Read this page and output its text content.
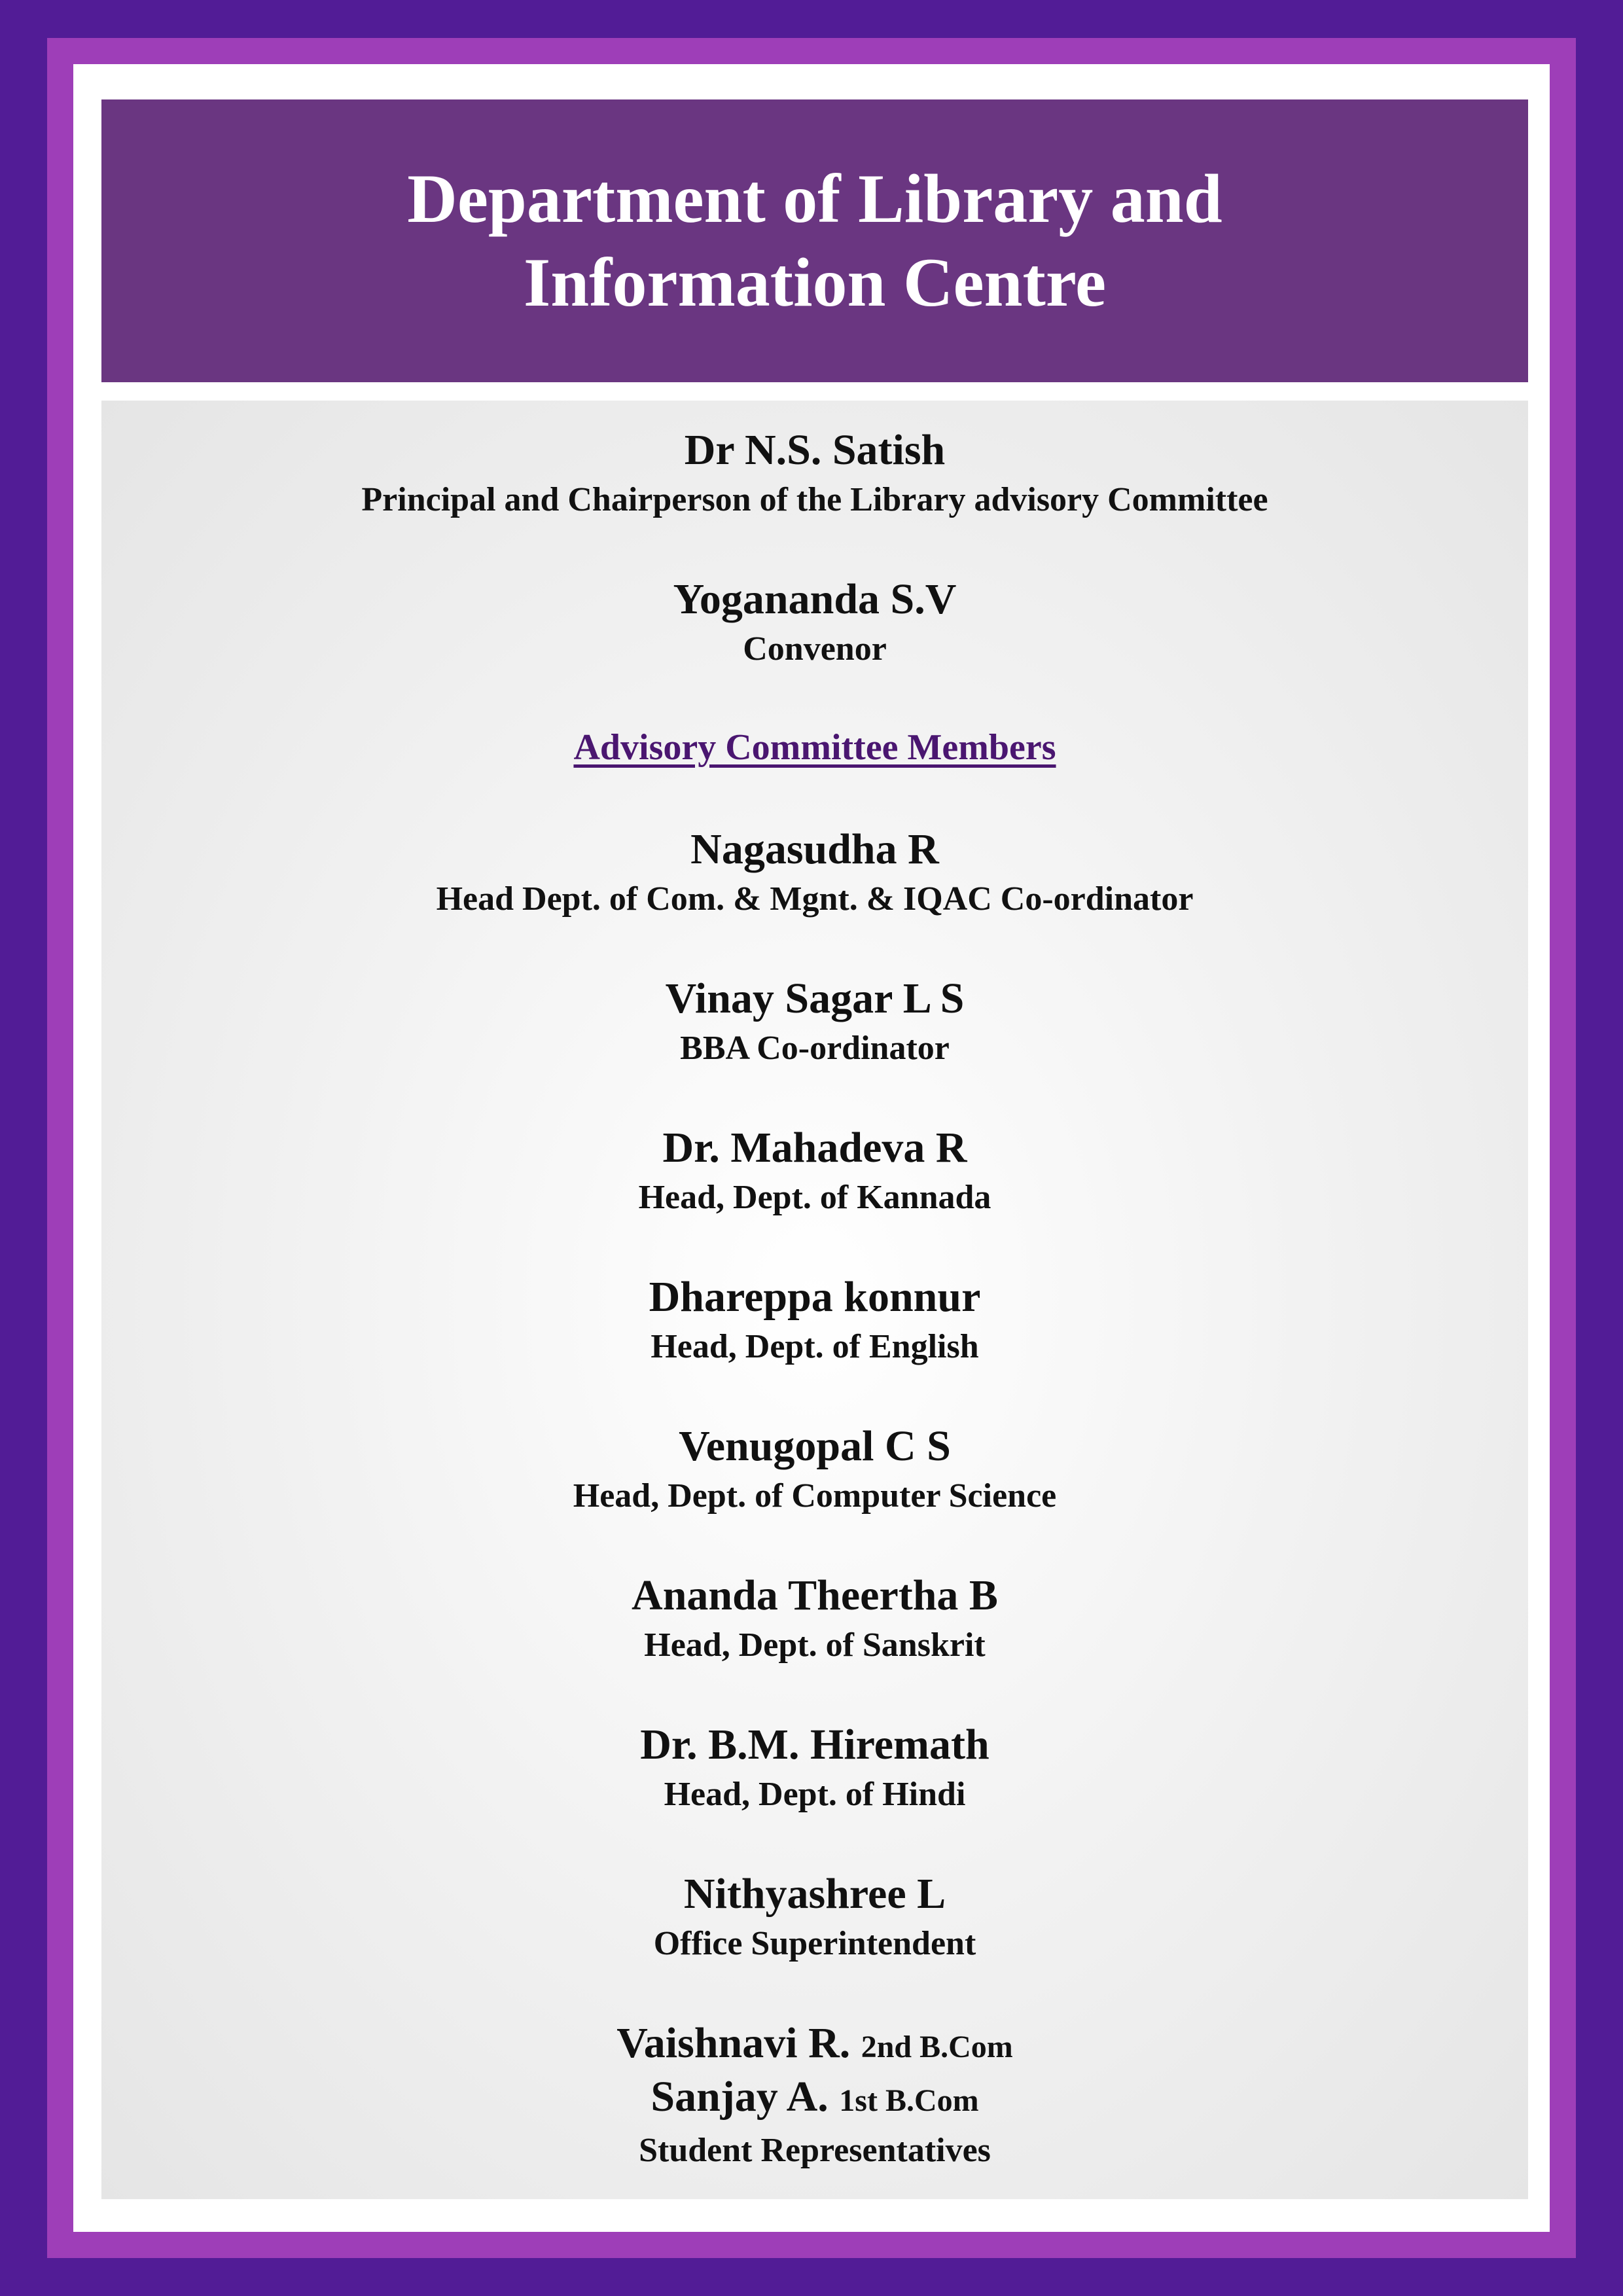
Department of Library and Information Centre
Dr N.S. Satish
Principal and Chairperson of the Library advisory Committee
Yogananda S.V
Convenor
Advisory Committee Members
Nagasudha R
Head Dept. of Com. & Mgnt. & IQAC Co-ordinator
Vinay Sagar L S
BBA Co-ordinator
Dr. Mahadeva R
Head, Dept. of Kannada
Dhareppa konnur
Head, Dept. of English
Venugopal C S
Head, Dept. of Computer Science
Ananda Theertha B
Head, Dept. of Sanskrit
Dr. B.M. Hiremath
Head, Dept. of Hindi
Nithyashree L
Office Superintendent
Vaishnavi R. 2nd B.Com
Sanjay A. 1st B.Com
Student Representatives
